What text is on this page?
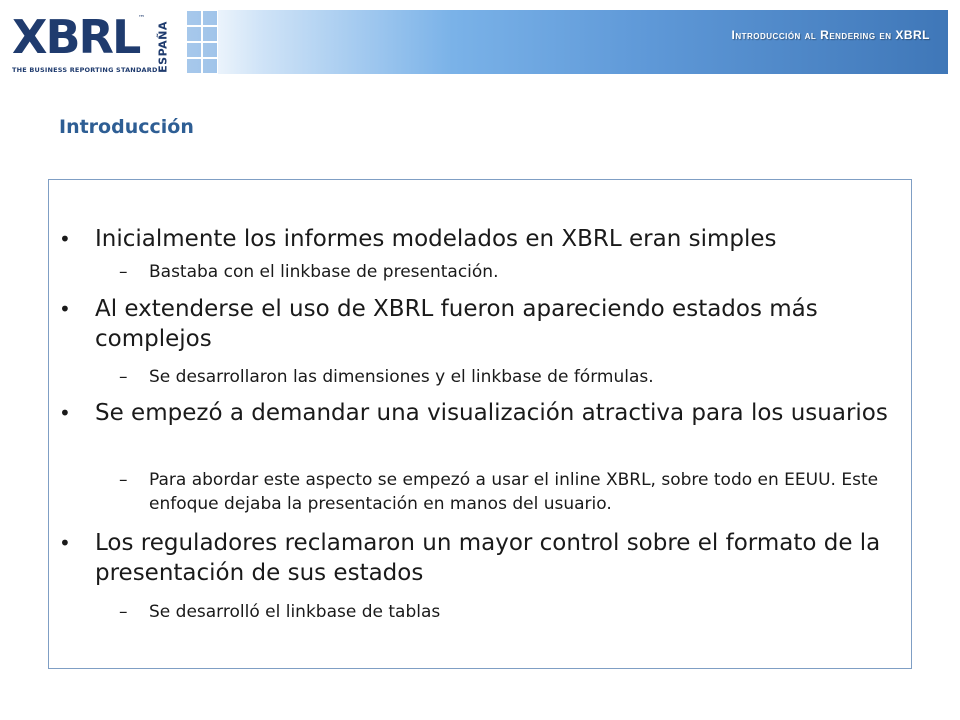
XBRL
™
THE BUSINESS REPORTING STANDARD
ESPAÑA	Introducción al Rendering en XBRL
Introducción
• Inicialmente los informes modelados en XBRL eran simples
– Bastaba con el linkbase de presentación.
• Al extenderse el uso de XBRL fueron apareciendo estados más complejos
– Se desarrollaron las dimensiones y el linkbase de fórmulas.
• Se empezó a demandar una visualización atractiva para los usuarios
– Para abordar este aspecto se empezó a usar el inline XBRL, sobre todo en EEUU. Este enfoque dejaba la presentación en manos del usuario.
• Los reguladores reclamaron un mayor control sobre el formato de la presentación de sus estados
– Se desarrolló el linkbase de tablas
